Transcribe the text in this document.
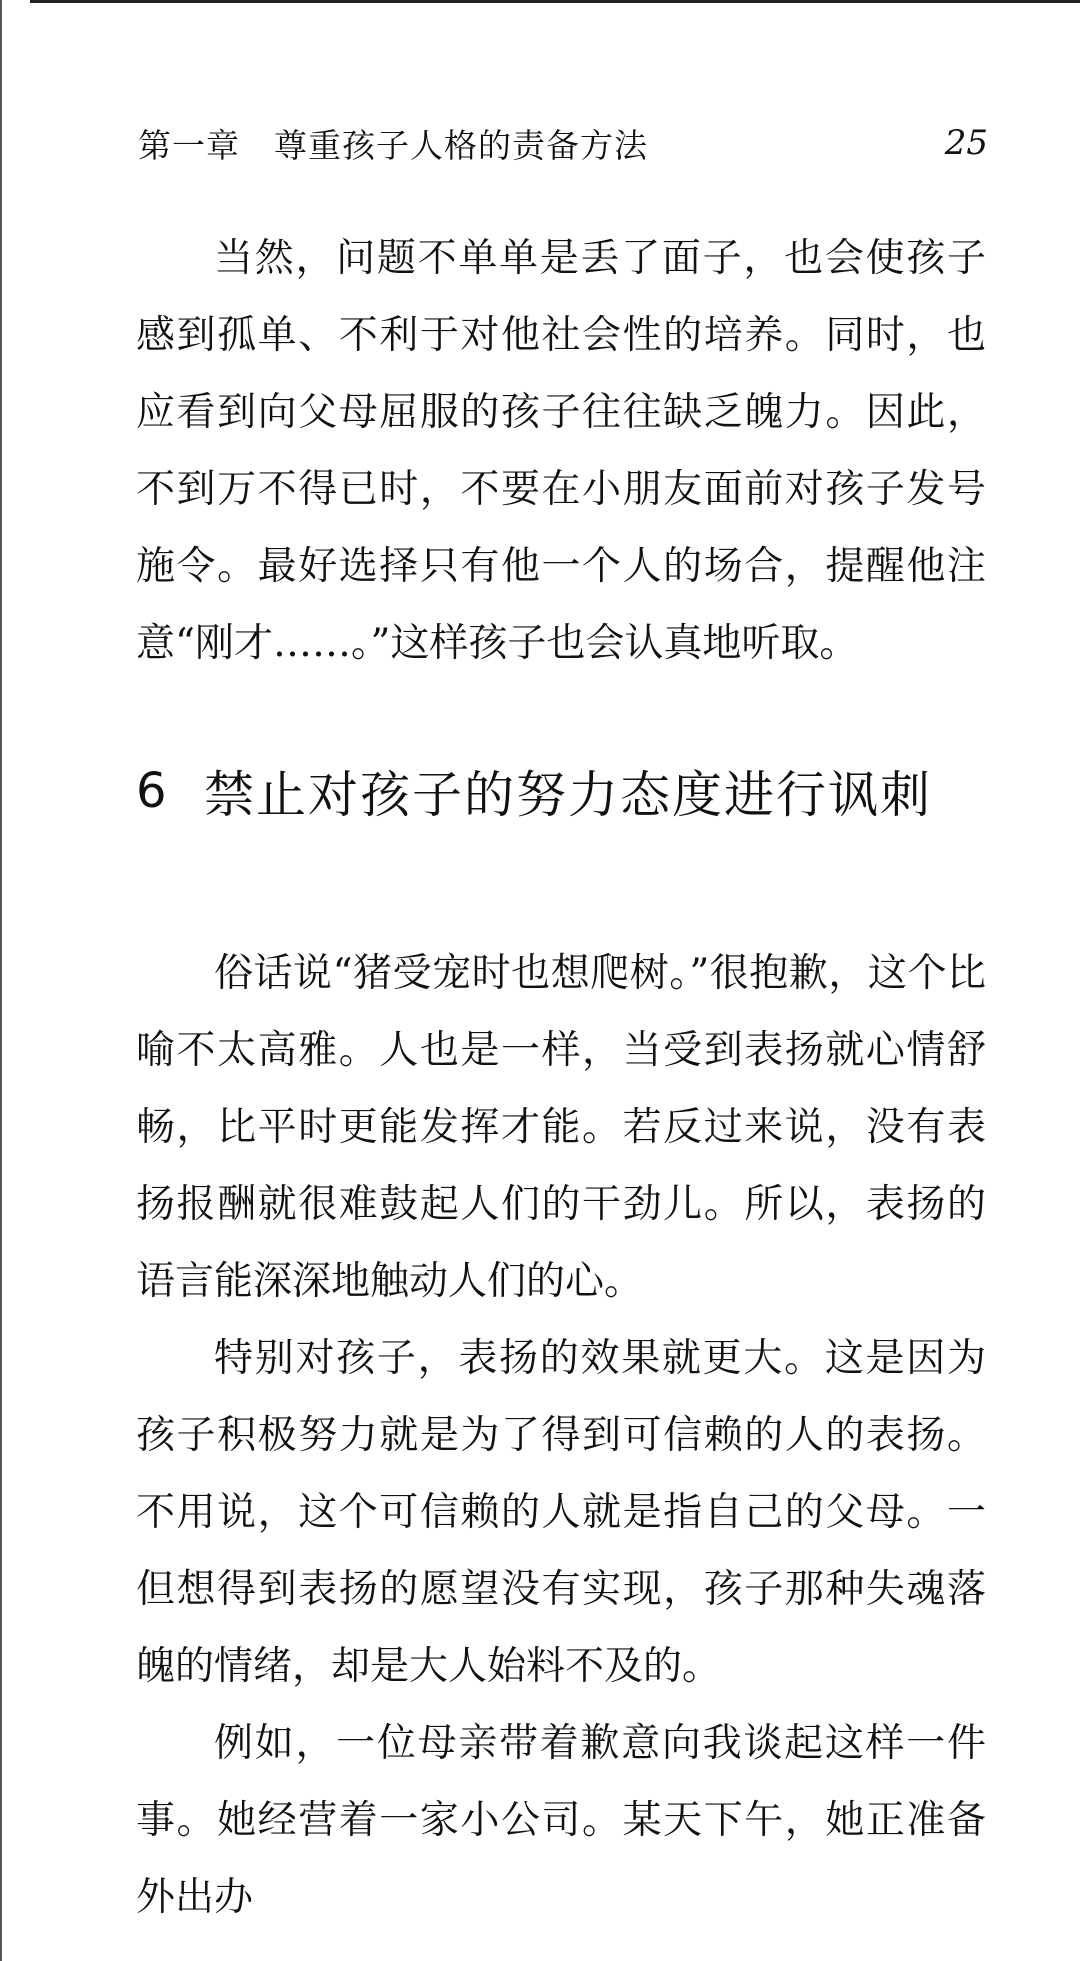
第一章　尊重孩子人格的责备方法	25

当然，问题不单单是丢了面子，也会使孩子感到孤单、不利于对他社会性的培养。同时，也应看到向父母屈服的孩子往往缺乏魄力。因此，不到万不得已时，不要在小朋友面前对孩子发号施令。最好选择只有他一个人的场合，提醒他注意“刚才……。”这样孩子也会认真地听取。

6 禁止对孩子的努力态度进行讽刺

俗话说“猪受宠时也想爬树。”很抱歉，这个比喻不太高雅。人也是一样，当受到表扬就心情舒畅，比平时更能发挥才能。若反过来说，没有表扬报酬就很难鼓起人们的干劲儿。所以，表扬的语言能深深地触动人们的心。

特别对孩子，表扬的效果就更大。这是因为孩子积极努力就是为了得到可信赖的人的表扬。不用说，这个可信赖的人就是指自己的父母。一但想得到表扬的愿望没有实现，孩子那种失魂落魄的情绪，却是大人始料不及的。

例如，一位母亲带着歉意向我谈起这样一件事。她经营着一家小公司。某天下午，她正准备外出办
